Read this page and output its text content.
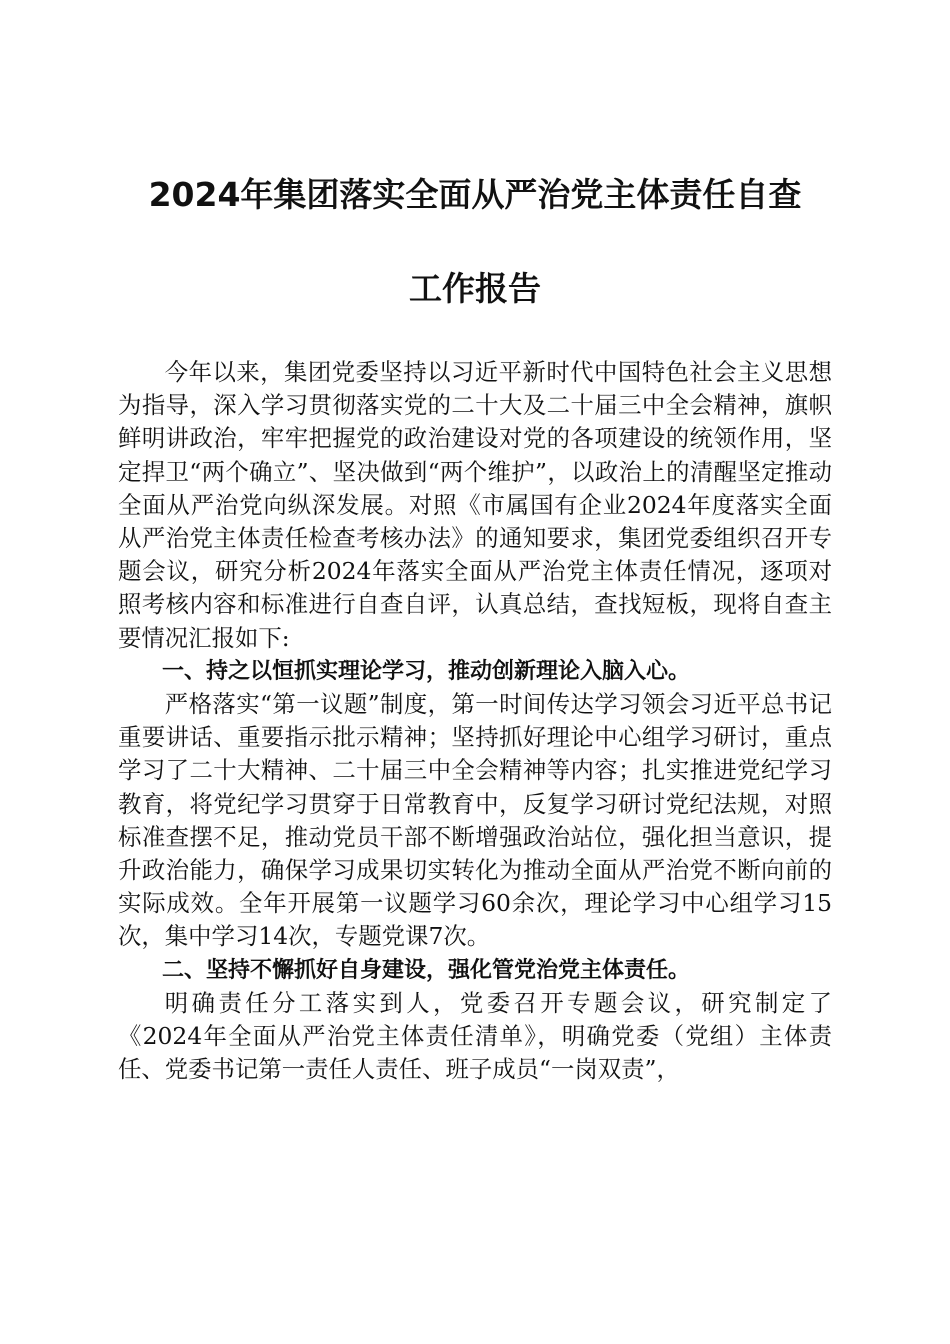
2024年集团落实全面从严治党主体责任自查
工作报告

今年以来，集团党委坚持以习近平新时代中国特色社会主义思想为指导，深入学习贯彻落实党的二十大及二十届三中全会精神，旗帜鲜明讲政治，牢牢把握党的政治建设对党的各项建设的统领作用，坚定捍卫“两个确立”、坚决做到“两个维护”，以政治上的清醒坚定推动全面从严治党向纵深发展。对照《市属国有企业2024年度落实全面从严治党主体责任检查考核办法》的通知要求，集团党委组织召开专题会议，研究分析2024年落实全面从严治党主体责任情况，逐项对照考核内容和标准进行自查自评，认真总结，查找短板，现将自查主要情况汇报如下:

一、持之以恒抓实理论学习，推动创新理论入脑入心。

严格落实“第一议题”制度，第一时间传达学习领会习近平总书记重要讲话、重要指示批示精神；坚持抓好理论中心组学习研讨，重点学习了二十大精神、二十届三中全会精神等内容；扎实推进党纪学习教育，将党纪学习贯穿于日常教育中，反复学习研讨党纪法规，对照标准查摆不足，推动党员干部不断增强政治站位，强化担当意识，提升政治能力，确保学习成果切实转化为推动全面从严治党不断向前的实际成效。全年开展第一议题学习60余次，理论学习中心组学习15次，集中学习14次，专题党课7次。

二、坚持不懈抓好自身建设，强化管党治党主体责任。

明确责任分工落实到人，党委召开专题会议，研究制定了《2024年全面从严治党主体责任清单》，明确党委（党组）主体责任、党委书记第一责任人责任、班子成员“一岗双责”，
